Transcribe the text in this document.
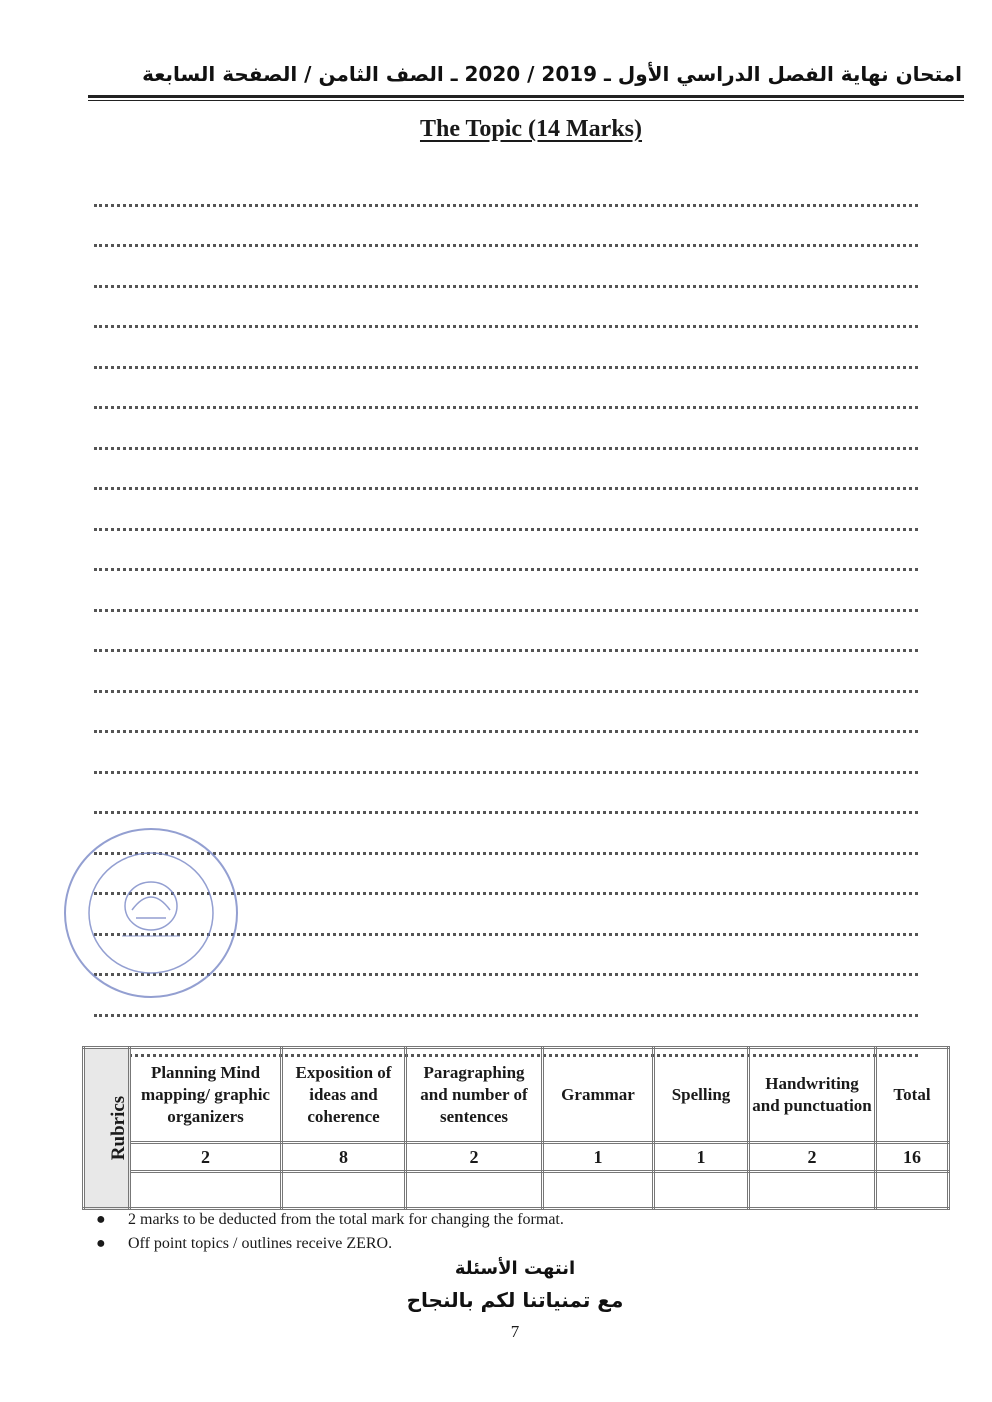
امتحان نهاية الفصل الدراسي الأول ـ 2019 / 2020 ـ الصف الثامن / الصفحة السابعة
The Topic (14 Marks)
Rubrics	Planning Mind mapping/ graphic organizers	Exposition of ideas and coherence	Paragraphing and number of sentences	Grammar	Spelling	Handwriting and punctuation	Total
	2	8	2	1	1	2	16

● 2 marks to be deducted from the total mark for changing the format.
● Off point topics / outlines receive ZERO.
انتهت الأسئلة
مع تمنياتنا لكم بالنجاح
7
